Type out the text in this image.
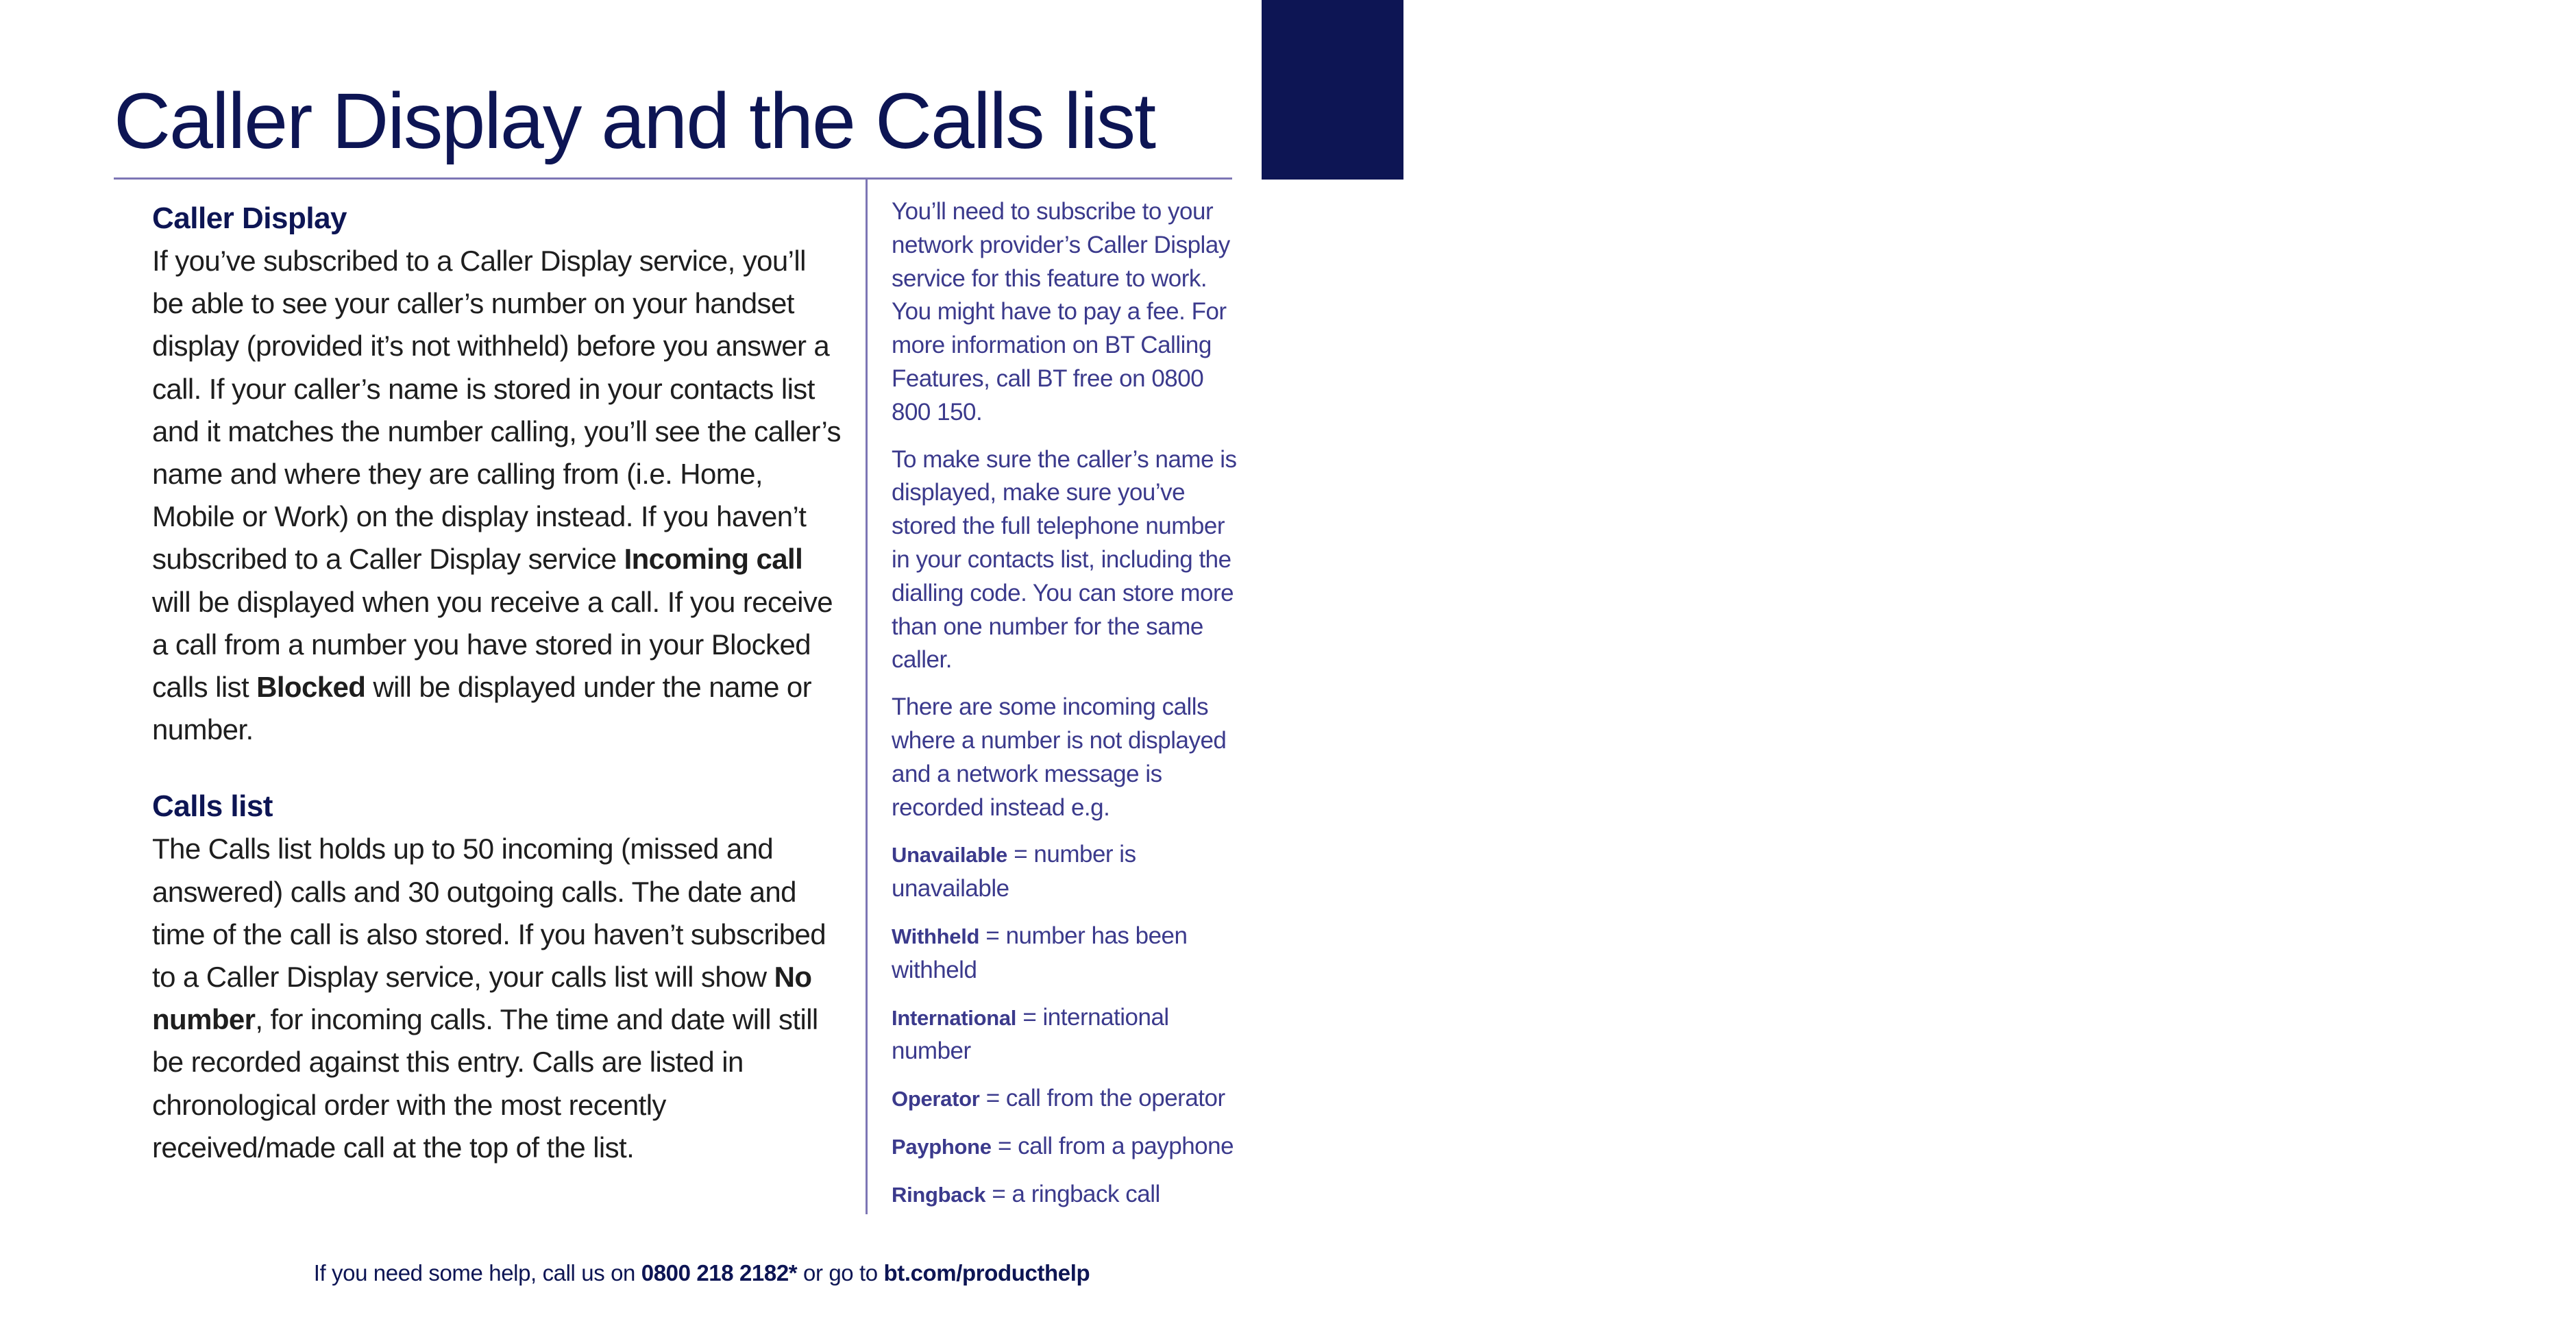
37
Caller Display and the Calls list
Caller Display

If you’ve subscribed to a Caller Display service, you’ll be able to see your caller’s number on your handset display (provided it’s not withheld) before you answer a call. If your caller’s name is stored in your contacts list and it matches the number calling, you’ll see the caller’s name and where they are calling from (i.e. Home, Mobile or Work) on the display instead. If you haven’t subscribed to a Caller Display service Incoming call will be displayed when you receive a call. If you receive a call from a number you have stored in your Blocked calls list Blocked will be displayed under the name or number.

Calls list

The Calls list holds up to 50 incoming (missed and answered) calls and 30 outgoing calls. The date and time of the call is also stored. If you haven’t subscribed to a Caller Display service, your calls list will show No number, for incoming calls. The time and date will still be recorded against this entry. Calls are listed in chronological order with the most recently received/made call at the top of the list.

You’ll need to subscribe to your network provider’s Caller Display service for this feature to work. You might have to pay a fee. For more information on BT Calling Features, call BT free on 0800 800 150.

To make sure the caller’s name is displayed, make sure you’ve stored the full telephone number in your contacts list, including the dialling code. You can store more than one number for the same caller.

There are some incoming calls where a number is not displayed and a network message is recorded instead e.g.

Unavailable = number is unavailable

Withheld = number has been withheld

International = international number

Operator = call from the operator

Payphone = call from a payphone

Ringback = a ringback call

If you need some help, call us on 0800 218 2182* or go to bt.com/producthelp
